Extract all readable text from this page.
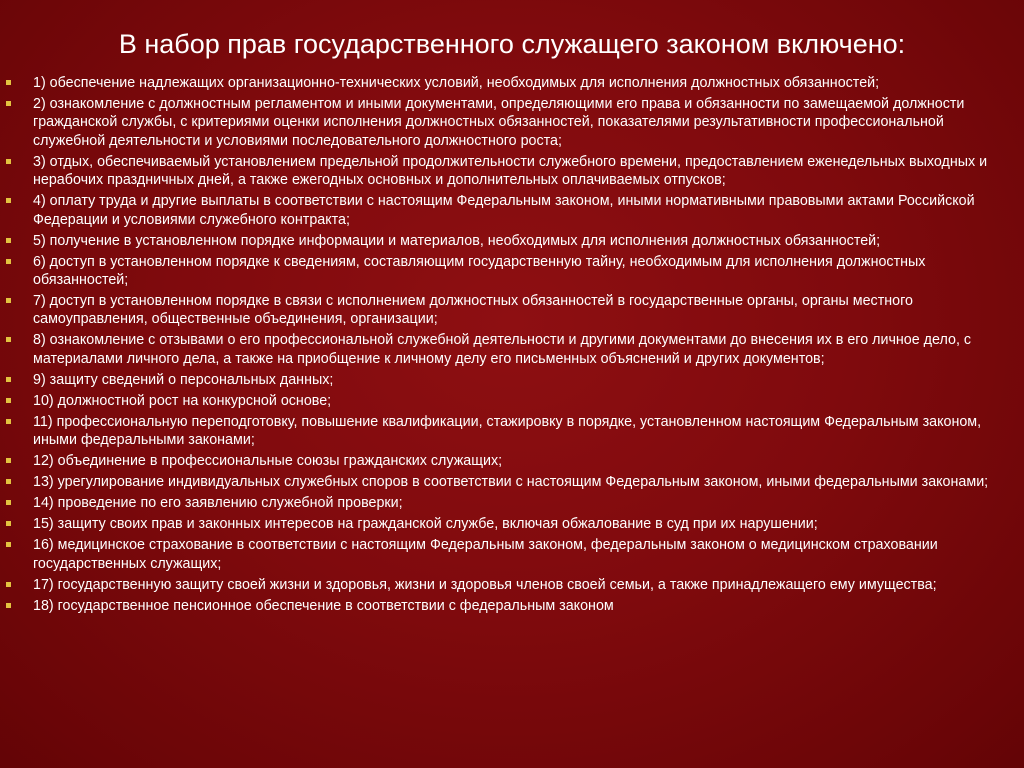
В набор прав государственного служащего законом включено:
1) обеспечение надлежащих организационно-технических условий, необходимых для исполнения должностных обязанностей;
2) ознакомление с должностным регламентом и иными документами, определяющими его права и обязанности по замещаемой должности гражданской службы, с критериями оценки исполнения должностных обязанностей, показателями результативности профессиональной служебной деятельности и условиями последовательного должностного роста;
3) отдых, обеспечиваемый установлением предельной продолжительности служебного времени, предоставлением еженедельных выходных и нерабочих праздничных дней, а также ежегодных основных и дополнительных оплачиваемых отпусков;
4) оплату труда и другие выплаты в соответствии с настоящим Федеральным законом, иными нормативными правовыми актами Российской Федерации и условиями служебного контракта;
5) получение в установленном порядке информации и материалов, необходимых для исполнения должностных обязанностей;
6) доступ в установленном порядке к сведениям, составляющим государственную тайну, необходимым для исполнения должностных обязанностей;
7) доступ в установленном порядке в связи с исполнением должностных обязанностей в государственные органы, органы местного самоуправления, общественные объединения, организации;
8) ознакомление с отзывами о его профессиональной служебной деятельности и другими документами до внесения их в его личное дело, с материалами личного дела, а также на приобщение к личному делу его письменных объяснений и других документов;
9) защиту сведений о персональных данных;
10) должностной рост на конкурсной основе;
11) профессиональную переподготовку, повышение квалификации, стажировку в порядке, установленном настоящим Федеральным законом, иными федеральными законами;
12) объединение в профессиональные союзы гражданских служащих;
13) урегулирование индивидуальных служебных споров в соответствии с настоящим Федеральным законом, иными федеральными законами;
14) проведение по его заявлению служебной проверки;
15) защиту своих прав и законных интересов на гражданской службе, включая обжалование в суд при их нарушении;
16) медицинское страхование в соответствии с настоящим Федеральным законом, федеральным законом о медицинском страховании государственных служащих;
17) государственную защиту своей жизни и здоровья, жизни и здоровья членов своей семьи, а также принадлежащего ему имущества;
18) государственное пенсионное обеспечение в соответствии с федеральным законом
